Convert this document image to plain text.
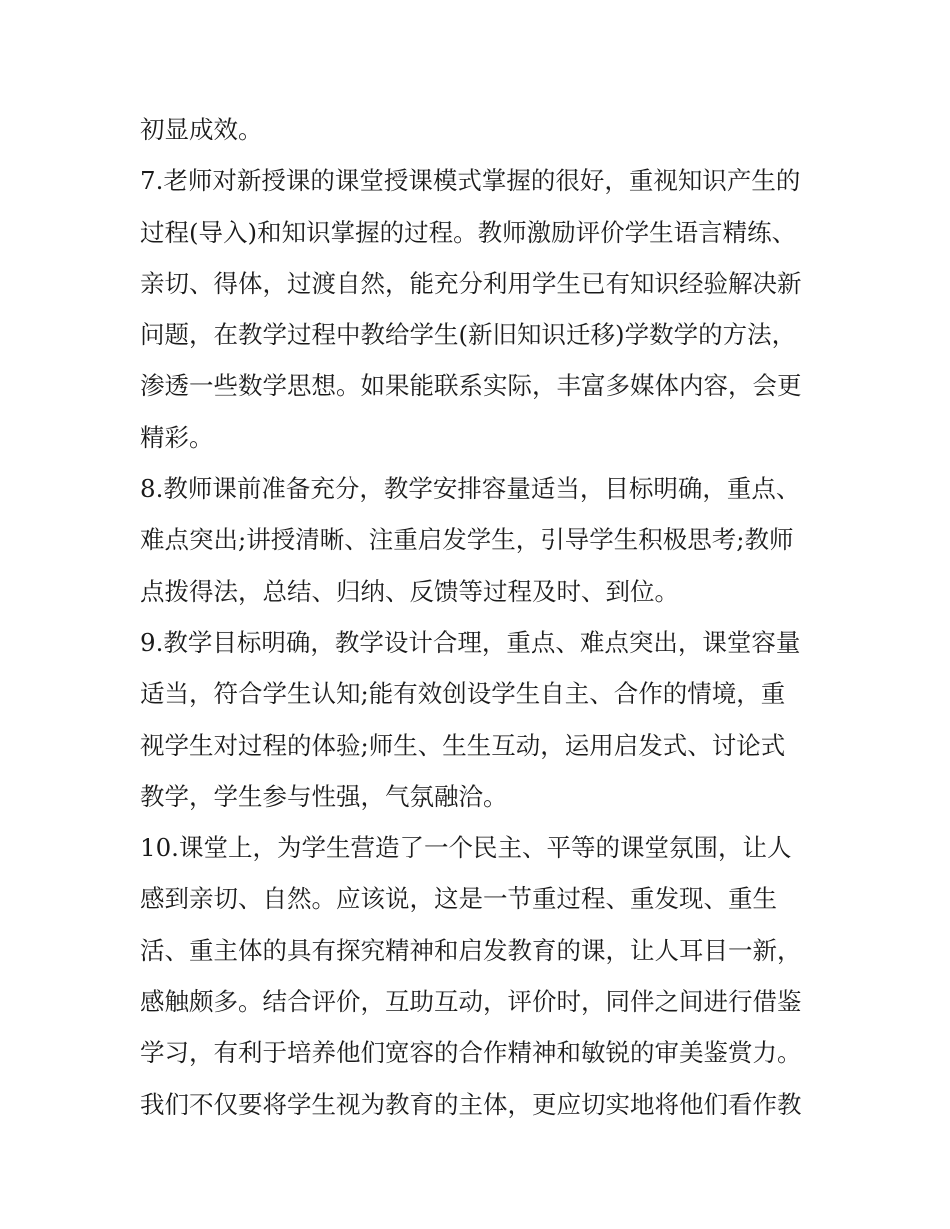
初显成效。
7.老师对新授课的课堂授课模式掌握的很好，重视知识产生的
过程(导入)和知识掌握的过程。教师激励评价学生语言精练、
亲切、得体，过渡自然，能充分利用学生已有知识经验解决新
问题，在教学过程中教给学生(新旧知识迁移)学数学的方法，
渗透一些数学思想。如果能联系实际，丰富多媒体内容，会更
精彩。
8.教师课前准备充分，教学安排容量适当，目标明确，重点、
难点突出;讲授清晰、注重启发学生，引导学生积极思考;教师
点拨得法，总结、归纳、反馈等过程及时、到位。
9.教学目标明确，教学设计合理，重点、难点突出，课堂容量
适当，符合学生认知;能有效创设学生自主、合作的情境，重
视学生对过程的体验;师生、生生互动，运用启发式、讨论式
教学，学生参与性强，气氛融洽。
10.课堂上，为学生营造了一个民主、平等的课堂氛围，让人
感到亲切、自然。应该说，这是一节重过程、重发现、重生
活、重主体的具有探究精神和启发教育的课，让人耳目一新，
感触颇多。结合评价，互助互动，评价时，同伴之间进行借鉴
学习，有利于培养他们宽容的合作精神和敏锐的审美鉴赏力。
我们不仅要将学生视为教育的主体，更应切实地将他们看作教
